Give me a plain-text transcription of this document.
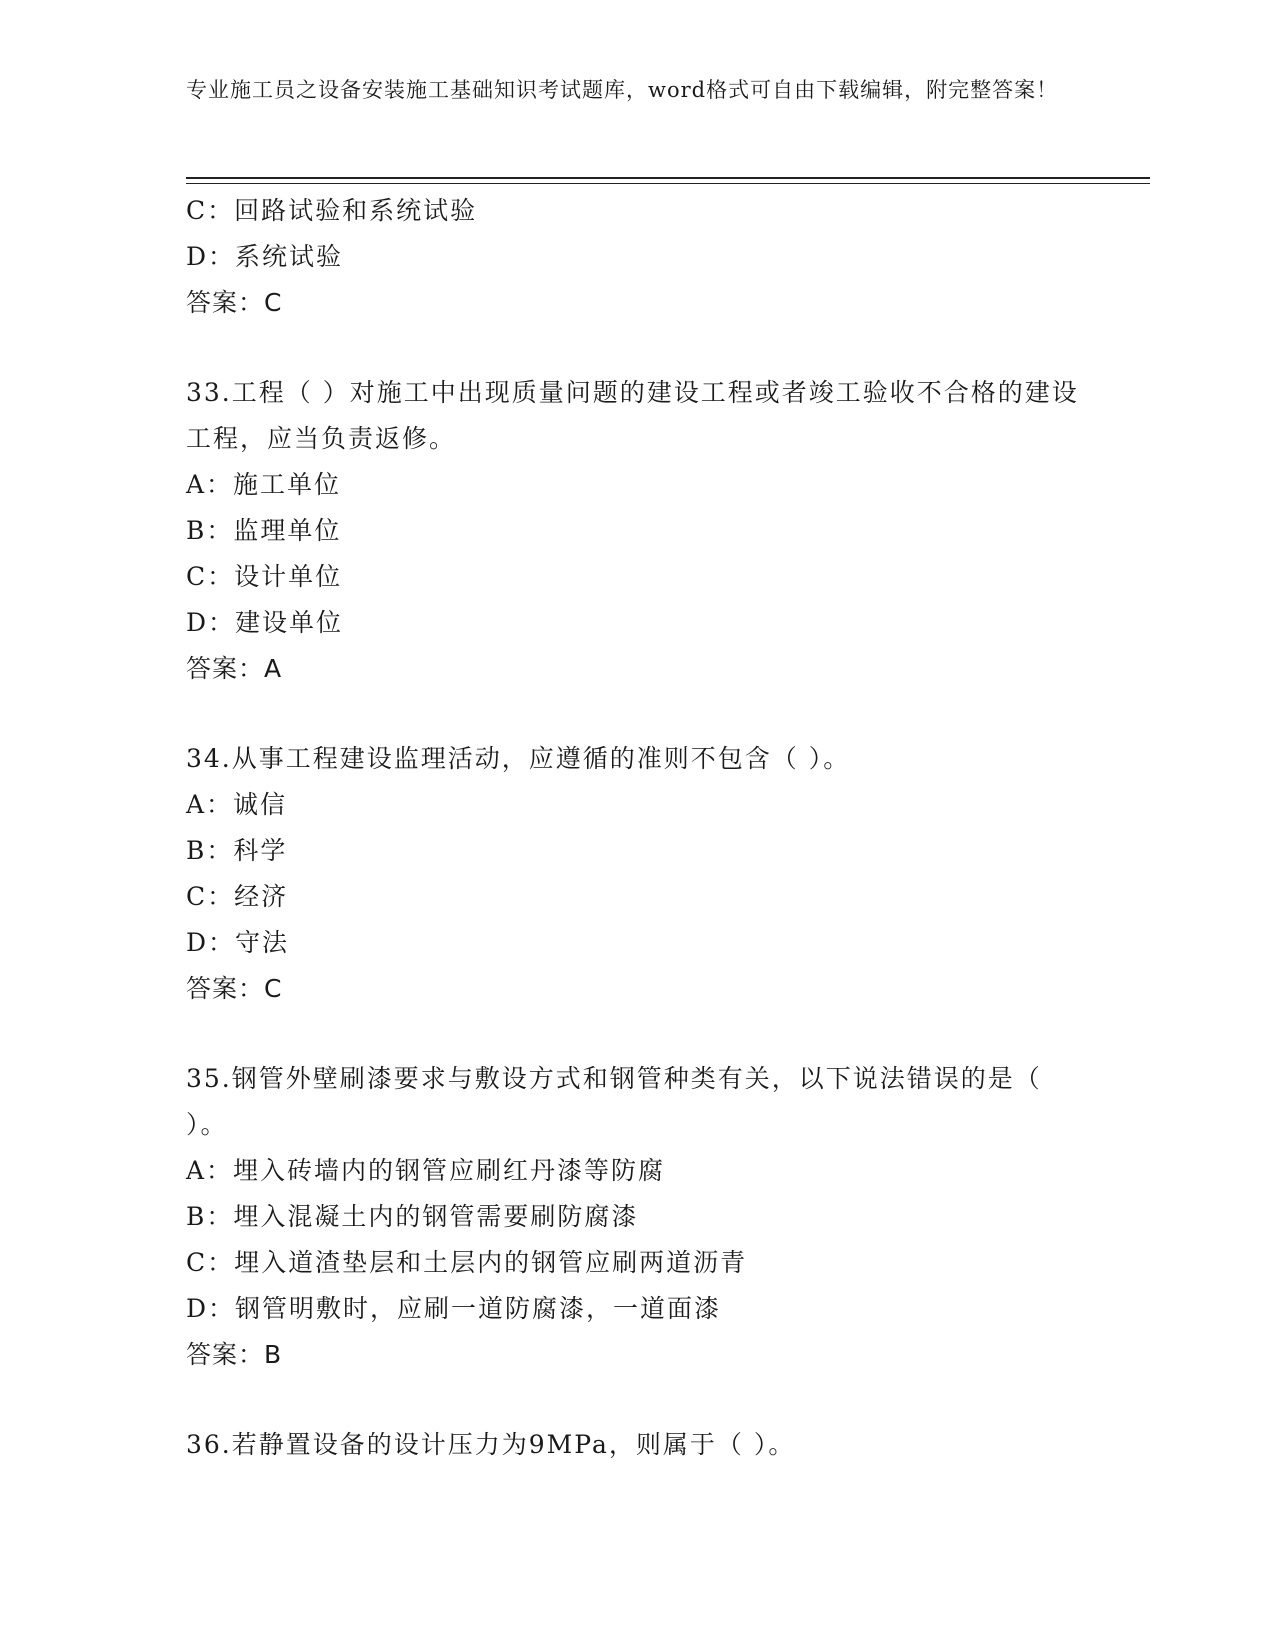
专业施工员之设备安装施工基础知识考试题库，word格式可自由下载编辑，附完整答案！
C：回路试验和系统试验
D：系统试验
答案：C
33.工程（ ）对施工中出现质量问题的建设工程或者竣工验收不合格的建设工程，应当负责返修。
A：施工单位
B：监理单位
C：设计单位
D：建设单位
答案：A
34.从事工程建设监理活动，应遵循的准则不包含（ ）。
A：诚信
B：科学
C：经济
D：守法
答案：C
35.钢管外壁刷漆要求与敷设方式和钢管种类有关，以下说法错误的是（ ）。
A：埋入砖墙内的钢管应刷红丹漆等防腐
B：埋入混凝土内的钢管需要刷防腐漆
C：埋入道渣垫层和土层内的钢管应刷两道沥青
D：钢管明敷时，应刷一道防腐漆，一道面漆
答案：B
36.若静置设备的设计压力为9MPa，则属于（ ）。
